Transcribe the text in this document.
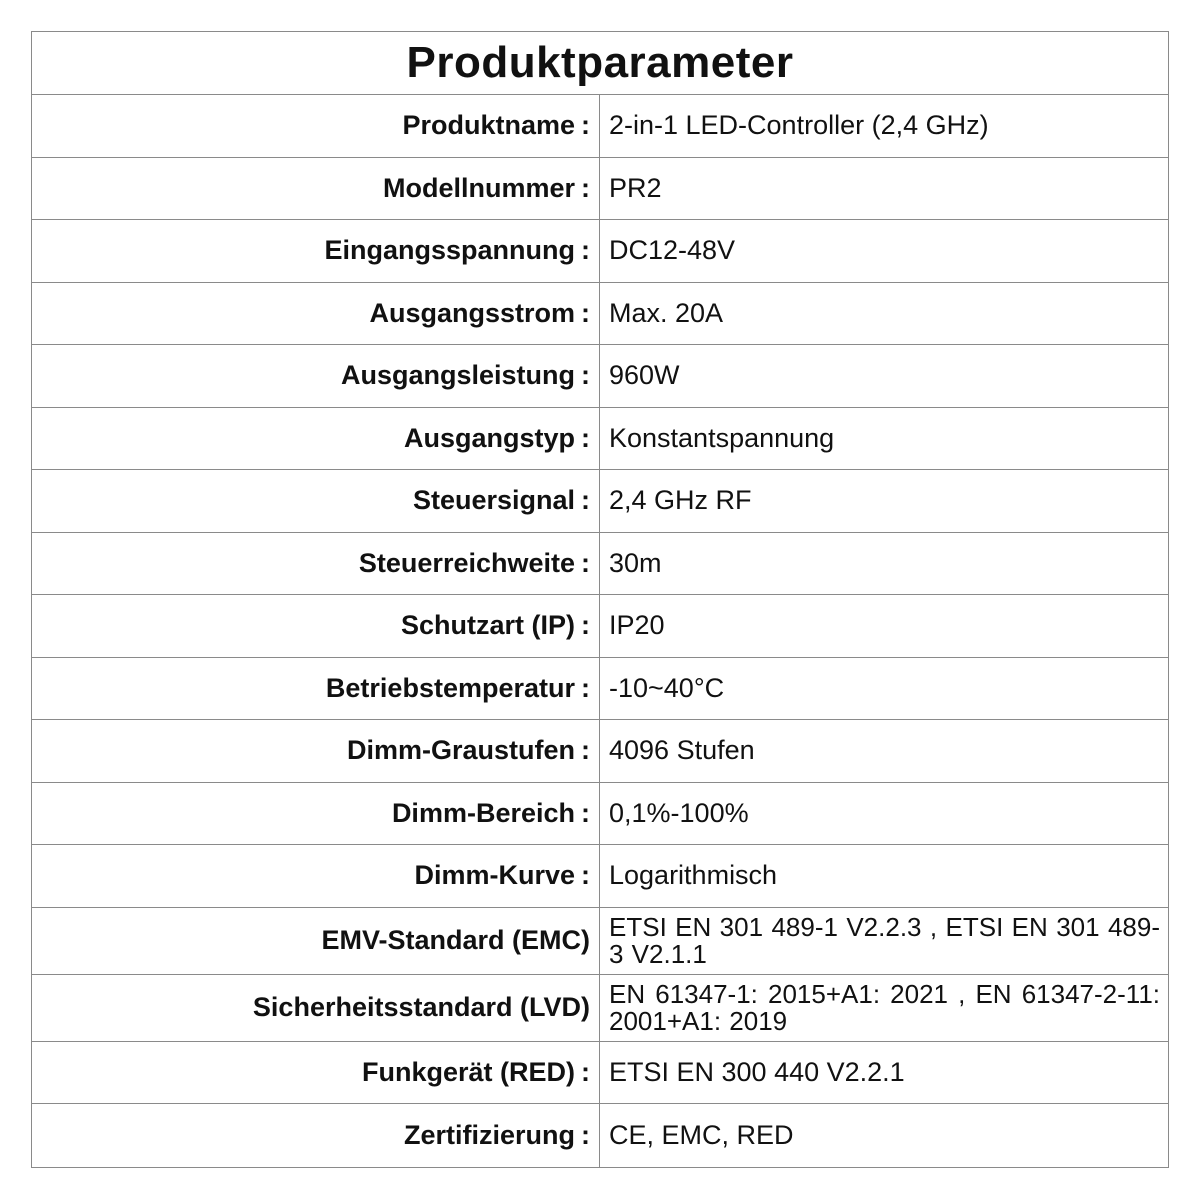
Produktparameter
Produktname : 2-in-1 LED-Controller (2,4 GHz)
Modellnummer : PR2
Eingangsspannung : DC12-48V
Ausgangsstrom : Max. 20A
Ausgangsleistung : 960W
Ausgangstyp : Konstantspannung
Steuersignal : 2,4 GHz RF
Steuerreichweite : 30m
Schutzart (IP) : IP20
Betriebstemperatur : -10~40°C
Dimm-Graustufen : 4096 Stufen
Dimm-Bereich : 0,1%-100%
Dimm-Kurve : Logarithmisch
EMV-Standard (EMC) ETSI EN 301 489-1 V2.2.3 , ETSI EN 301 489-3 V2.1.1
Sicherheitsstandard (LVD) EN 61347-1: 2015+A1: 2021 , EN 61347-2-11: 2001+A1: 2019
Funkgerät (RED) : ETSI EN 300 440 V2.2.1
Zertifizierung : CE, EMC, RED
